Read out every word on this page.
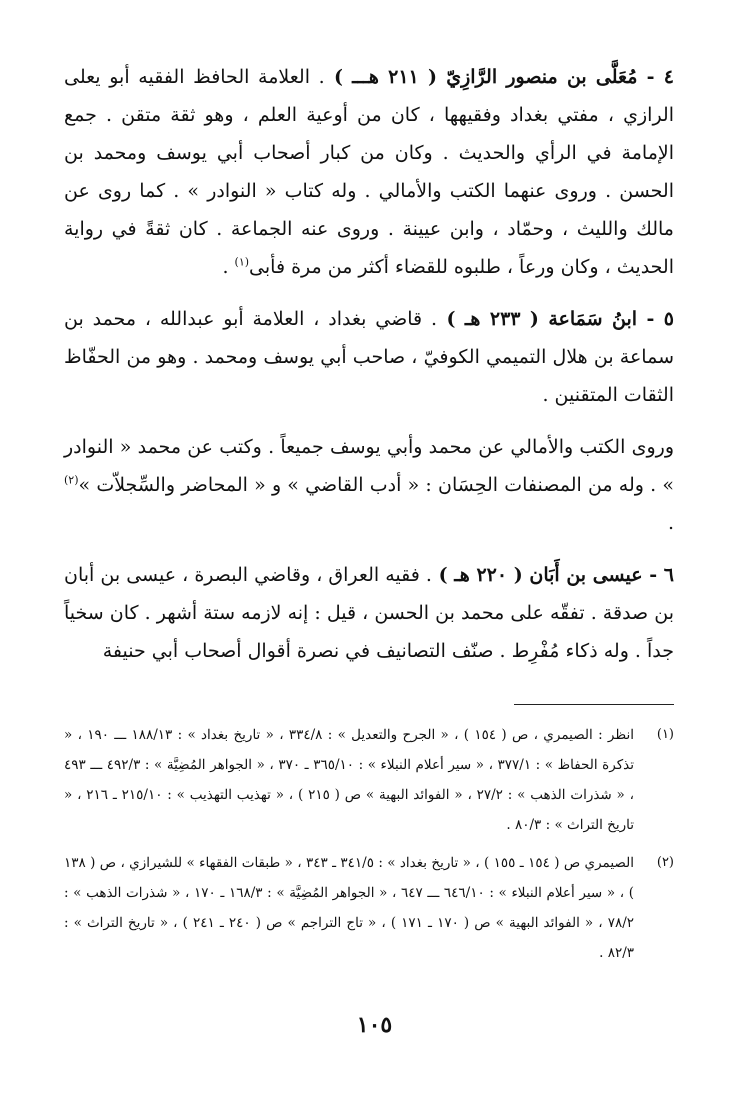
٤ - مُعَلَّى بن منصور الرَّازِيّ ( ٢١١ هـــ ) . العلامة الحافظ الفقيه أبو يعلى الرازي ، مفتي بغداد وفقيهها ، كان من أوعية العلم ، وهو ثقة متقن . جمع الإمامة في الرأي والحديث . وكان من كبار أصحاب أبي يوسف ومحمد بن الحسن . وروى عنهما الكتب والأمالي . وله كتاب « النوادر » . كما روى عن مالك والليث ، وحمّاد ، وابن عيينة . وروى عنه الجماعة . كان ثقةً في رواية الحديث ، وكان ورعاً ، طلبوه للقضاء أكثر من مرة فأبى$^{(١)}$ .

٥ - ابنُ سَمَاعة ( ٢٣٣ هـ ) . قاضي بغداد ، العلامة أبو عبدالله ، محمد بن سماعة بن هلال التميمي الكوفيّ ، صاحب أبي يوسف ومحمد . وهو من الحفّاظ الثقات المتقنين .

وروى الكتب والأمالي عن محمد وأبي يوسف جميعاً . وكتب عن محمد « النوادر » . وله من المصنفات الحِسَان : « أدب القاضي » و « المحاضر والسِّجلاّت »$^{(٢)}$ .

٦ - عيسى بن أَبَان ( ٢٢٠ هـ ) . فقيه العراق ، وقاضي البصرة ، عيسى بن أبان بن صدقة . تفقّه على محمد بن الحسن ، قيل : إنه لازمه ستة أشهر . كان سخياً جداً . وله ذكاء مُفْرِط . صنّف التصانيف في نصرة أقوال أصحاب أبي حنيفة

(١)
انظر : الصيمري ، ص ( ١٥٤ ) ، « الجرح والتعديل » : ٣٣٤/٨ ، « تاريخ بغداد » : ١٨٨/١٣ ـــ ١٩٠ ، « تذكرة الحفاظ » : ٣٧٧/١ ، « سير أعلام النبلاء » : ٣٦٥/١٠ ـ ٣٧٠ ، « الجواهر المُضِيَّة » : ٤٩٢/٣ ـــ ٤٩٣ ، « شذرات الذهب » : ٢٧/٢ ، « الفوائد البهية » ص ( ٢١٥ ) ، « تهذيب التهذيب » : ٢١٥/١٠ ـ ٢١٦ ، « تاريخ التراث » : ٨٠/٣ .
(٢)
الصيمري ص ( ١٥٤ ـ ١٥٥ ) ، « تاريخ بغداد » : ٣٤١/٥ ـ ٣٤٣ ، « طبقات الفقهاء » للشيرازي ، ص ( ١٣٨ ) ، « سير أعلام النبلاء » : ٦٤٦/١٠ ـــ ٦٤٧ ، « الجواهر المُضِيَّة » : ١٦٨/٣ ـ ١٧٠ ، « شذرات الذهب » : ٧٨/٢ ، « الفوائد البهية » ص ( ١٧٠ ـ ١٧١ ) ، « تاج التراجم » ص ( ٢٤٠ ـ ٢٤١ ) ، « تاريخ التراث » : ٨٢/٣ .
١٠٥
